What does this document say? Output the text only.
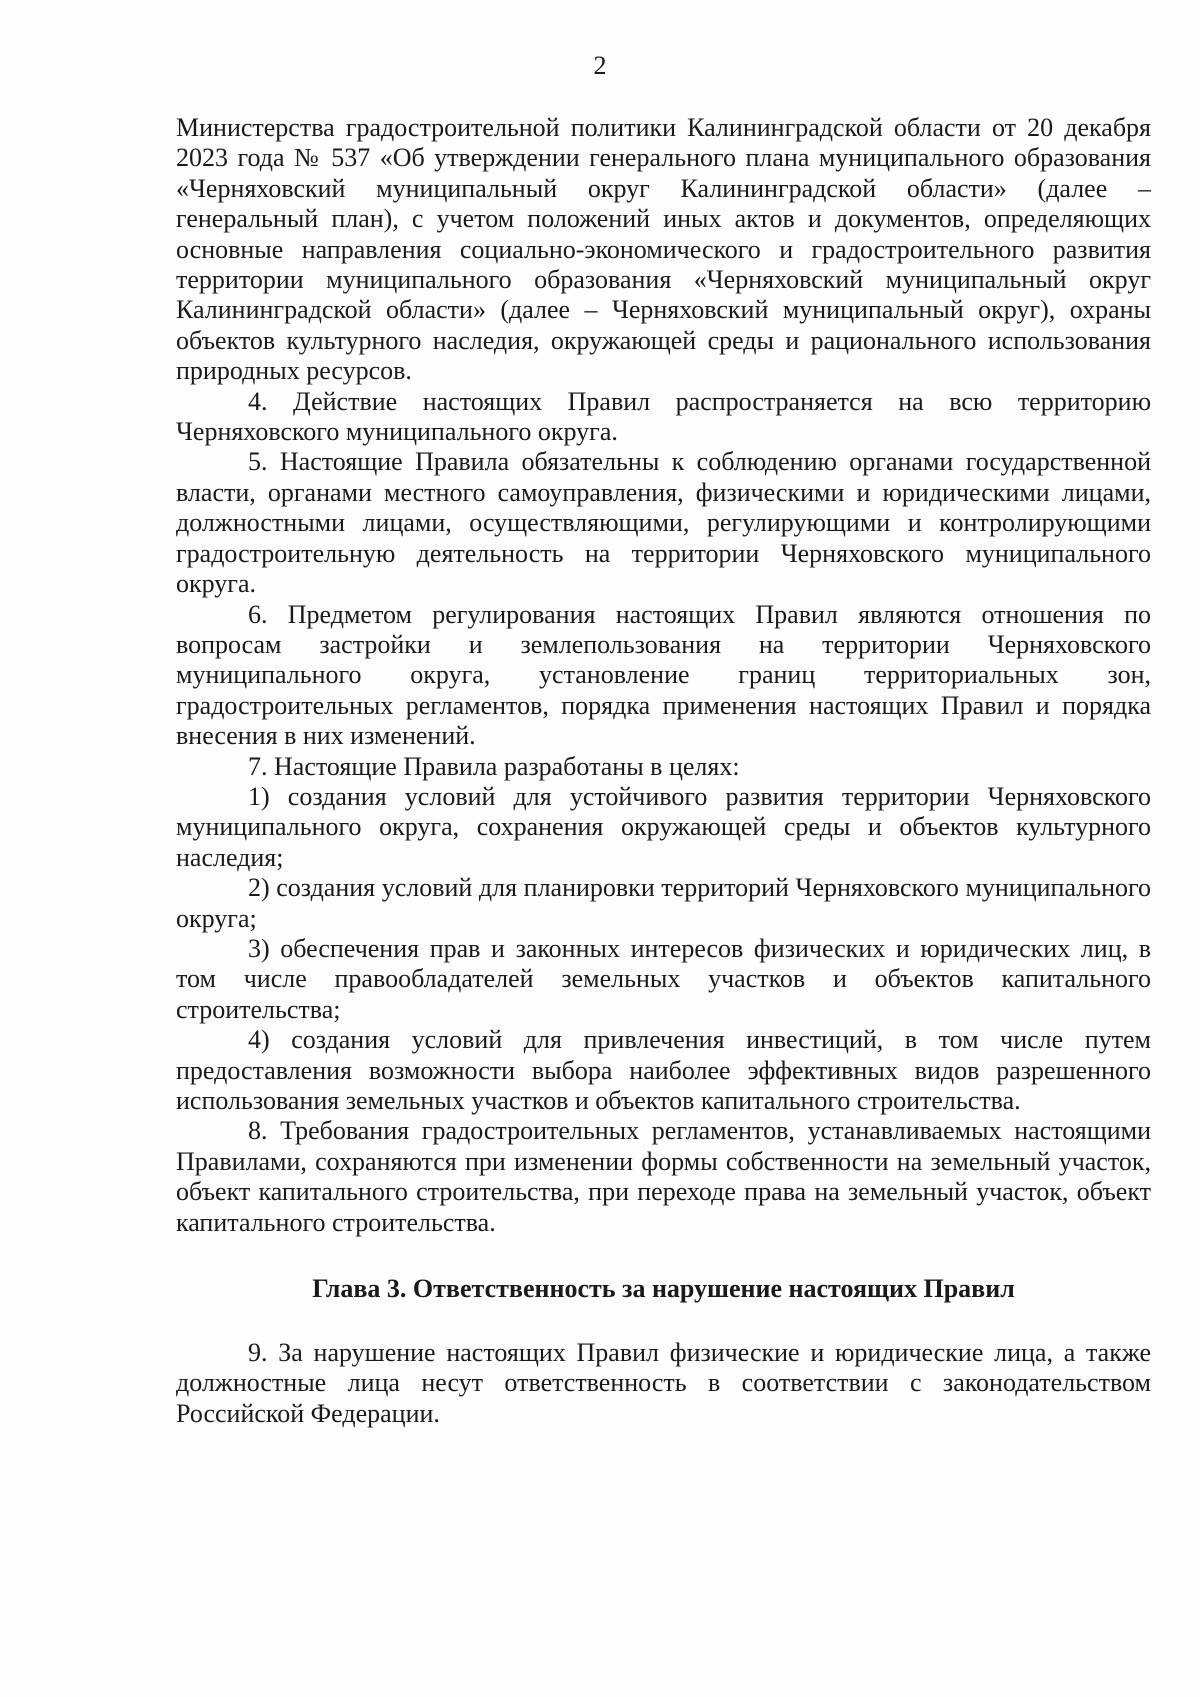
2

Министерства градостроительной политики Калининградской области от 20 декабря 2023 года № 537 «Об утверждении генерального плана муниципального образования «Черняховский муниципальный округ Калининградской области» (далее – генеральный план), с учетом положений иных актов и документов, определяющих основные направления социально-экономического и градостроительного развития территории муниципального образования «Черняховский муниципальный округ Калининградской области» (далее – Черняховский муниципальный округ), охраны объектов культурного наследия, окружающей среды и рационального использования природных ресурсов.

4. Действие настоящих Правил распространяется на всю территорию Черняховского муниципального округа.

5. Настоящие Правила обязательны к соблюдению органами государственной власти, органами местного самоуправления, физическими и юридическими лицами, должностными лицами, осуществляющими, регулирующими и контролирующими градостроительную деятельность на территории Черняховского муниципального округа.

6. Предметом регулирования настоящих Правил являются отношения по вопросам застройки и землепользования на территории Черняховского муниципального округа, установление границ территориальных зон, градостроительных регламентов, порядка применения настоящих Правил и порядка внесения в них изменений.

7. Настоящие Правила разработаны в целях:

1) создания условий для устойчивого развития территории Черняховского муниципального округа, сохранения окружающей среды и объектов культурного наследия;

2) создания условий для планировки территорий Черняховского муниципального округа;

3) обеспечения прав и законных интересов физических и юридических лиц, в том числе правообладателей земельных участков и объектов капитального строительства;

4) создания условий для привлечения инвестиций, в том числе путем предоставления возможности выбора наиболее эффективных видов разрешенного использования земельных участков и объектов капитального строительства.

8. Требования градостроительных регламентов, устанавливаемых настоящими Правилами, сохраняются при изменении формы собственности на земельный участок, объект капитального строительства, при переходе права на земельный участок, объект капитального строительства.

Глава 3. Ответственность за нарушение настоящих Правил

9. За нарушение настоящих Правил физические и юридические лица, а также должностные лица несут ответственность в соответствии с законодательством Российской Федерации.
